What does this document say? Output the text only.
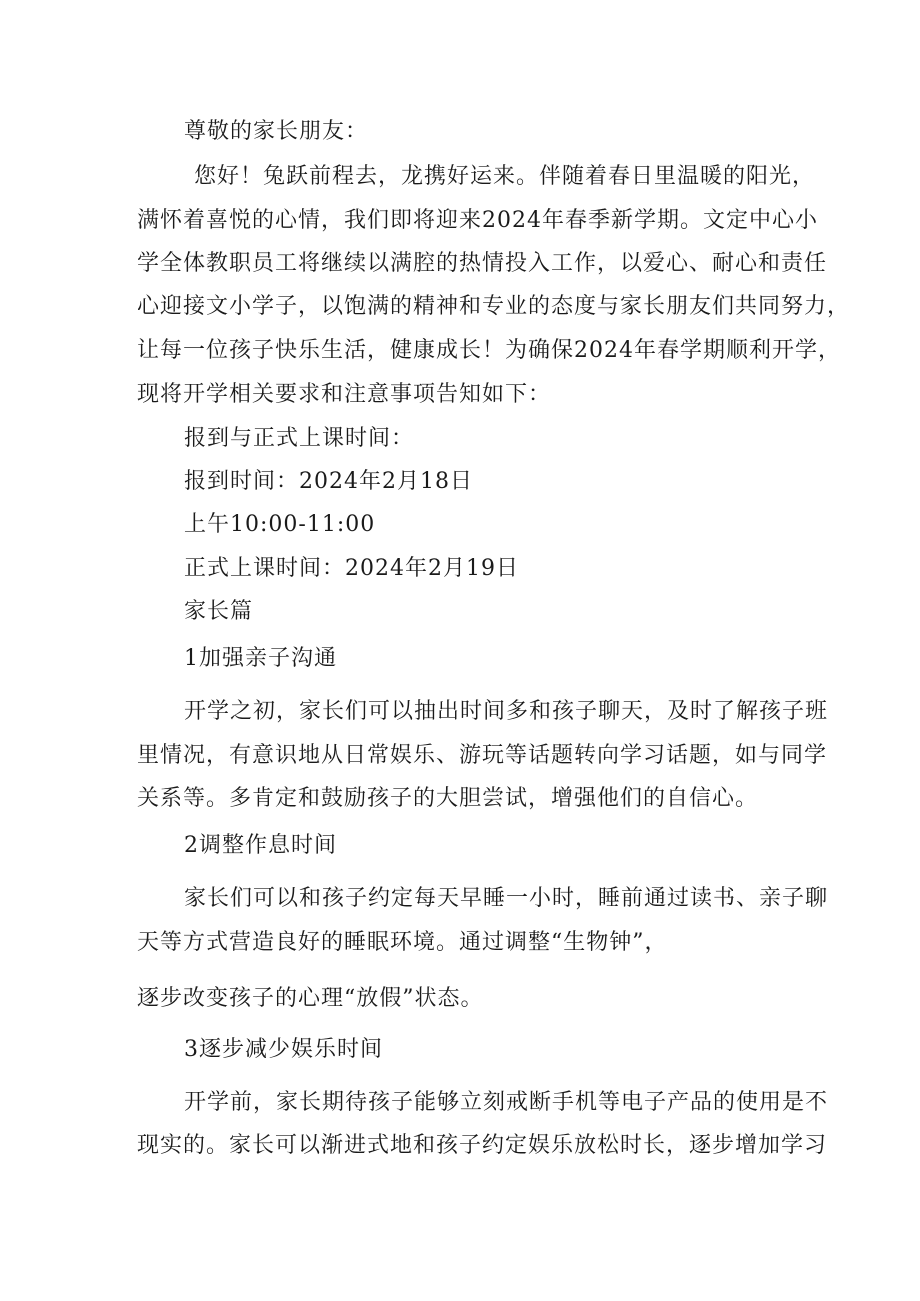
尊敬的家长朋友：

您好！兔跃前程去，龙携好运来。伴随着春日里温暖的阳光，

满怀着喜悦的心情，我们即将迎来2024年春季新学期。文定中心小

学全体教职员工将继续以满腔的热情投入工作，以爱心、耐心和责任

心迎接文小学子，以饱满的精神和专业的态度与家长朋友们共同努力，

让每一位孩子快乐生活，健康成长！为确保2024年春学期顺利开学，

现将开学相关要求和注意事项告知如下：

报到与正式上课时间：

报到时间：2024年2月18日

上午10:00-11:00

正式上课时间：2024年2月19日

家长篇

1加强亲子沟通

开学之初，家长们可以抽出时间多和孩子聊天，及时了解孩子班

里情况，有意识地从日常娱乐、游玩等话题转向学习话题，如与同学

关系等。多肯定和鼓励孩子的大胆尝试，增强他们的自信心。

2调整作息时间

家长们可以和孩子约定每天早睡一小时，睡前通过读书、亲子聊

天等方式营造良好的睡眠环境。通过调整“生物钟”，

逐步改变孩子的心理“放假”状态。

3逐步减少娱乐时间

开学前，家长期待孩子能够立刻戒断手机等电子产品的使用是不

现实的。家长可以渐进式地和孩子约定娱乐放松时长，逐步增加学习
